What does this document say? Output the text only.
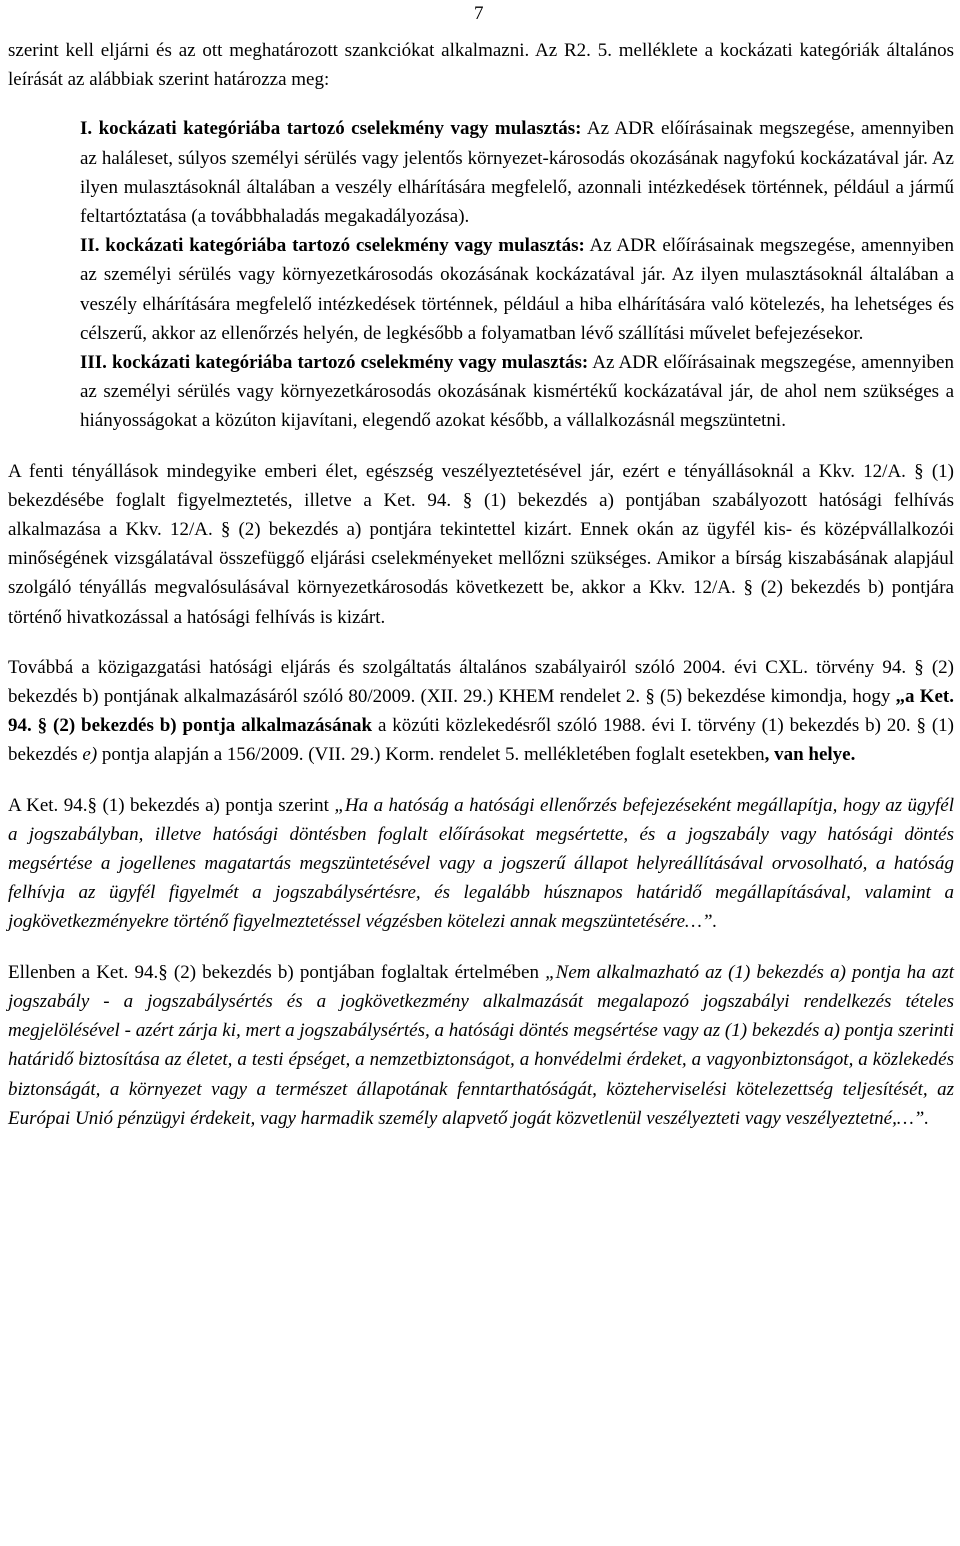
7

szerint kell eljárni és az ott meghatározott szankciókat alkalmazni. Az R2. 5. melléklete a kockázati kategóriák általános leírását az alábbiak szerint határozza meg:

I. kockázati kategóriába tartozó cselekmény vagy mulasztás: Az ADR előírásainak megszegése, amennyiben az haláleset, súlyos személyi sérülés vagy jelentős környezet-károsodás okozásának nagyfokú kockázatával jár. Az ilyen mulasztásoknál általában a veszély elhárítására megfelelő, azonnali intézkedések történnek, például a jármű feltartóztatása (a továbbhaladás megakadályozása).

II. kockázati kategóriába tartozó cselekmény vagy mulasztás: Az ADR előírásainak megszegése, amennyiben az személyi sérülés vagy környezetkárosodás okozásának kockázatával jár. Az ilyen mulasztásoknál általában a veszély elhárítására megfelelő intézkedések történnek, például a hiba elhárítására való kötelezés, ha lehetséges és célszerű, akkor az ellenőrzés helyén, de legkésőbb a folyamatban lévő szállítási művelet befejezésekor.

III. kockázati kategóriába tartozó cselekmény vagy mulasztás: Az ADR előírásainak megszegése, amennyiben az személyi sérülés vagy környezetkárosodás okozásának kismértékű kockázatával jár, de ahol nem szükséges a hiányosságokat a közúton kijavítani, elegendő azokat később, a vállalkozásnál megszüntetni.

A fenti tényállások mindegyike emberi élet, egészség veszélyeztetésével jár, ezért e tényállásoknál a Kkv. 12/A. § (1) bekezdésébe foglalt figyelmeztetés, illetve a Ket. 94. § (1) bekezdés a) pontjában szabályozott hatósági felhívás alkalmazása a Kkv. 12/A. § (2) bekezdés a) pontjára tekintettel kizárt. Ennek okán az ügyfél kis- és középvállalkozói minőségének vizsgálatával összefüggő eljárási cselekményeket mellőzni szükséges. Amikor a bírság kiszabásának alapjául szolgáló tényállás megvalósulásával környezetkárosodás következett be, akkor a Kkv. 12/A. § (2) bekezdés b) pontjára történő hivatkozással a hatósági felhívás is kizárt.

Továbbá a közigazgatási hatósági eljárás és szolgáltatás általános szabályairól szóló 2004. évi CXL. törvény 94. § (2) bekezdés b) pontjának alkalmazásáról szóló 80/2009. (XII. 29.) KHEM rendelet 2. § (5) bekezdése kimondja, hogy „a Ket. 94. § (2) bekezdés b) pontja alkalmazásának a közúti közlekedésről szóló 1988. évi I. törvény (1) bekezdés b) 20. § (1) bekezdés e) pontja alapján a 156/2009. (VII. 29.) Korm. rendelet 5. mellékletében foglalt esetekben, van helye.

A Ket. 94.§ (1) bekezdés a) pontja szerint „Ha a hatóság a hatósági ellenőrzés befejezéseként megállapítja, hogy az ügyfél a jogszabályban, illetve hatósági döntésben foglalt előírásokat megsértette, és a jogszabály vagy hatósági döntés megsértése a jogellenes magatartás megszüntetésével vagy a jogszerű állapot helyreállításával orvosolható, a hatóság felhívja az ügyfél figyelmét a jogszabálysértésre, és legalább húsznapos határidő megállapításával, valamint a jogkövetkezményekre történő figyelmeztetéssel végzésben kötelezi annak megszüntetésére…”.

Ellenben a Ket. 94.§ (2) bekezdés b) pontjában foglaltak értelmében „Nem alkalmazható az (1) bekezdés a) pontja ha azt jogszabály - a jogszabálysértés és a jogkövetkezmény alkalmazását megalapozó jogszabályi rendelkezés tételes megjelölésével - azért zárja ki, mert a jogszabálysértés, a hatósági döntés megsértése vagy az (1) bekezdés a) pontja szerinti határidő biztosítása az életet, a testi épséget, a nemzetbiztonságot, a honvédelmi érdeket, a vagyonbiztonságot, a közlekedés biztonságát, a környezet vagy a természet állapotának fenntarthatóságát, közteherviselési kötelezettség teljesítését, az Európai Unió pénzügyi érdekeit, vagy harmadik személy alapvető jogát közvetlenül veszélyezteti vagy veszélyeztetné,…”.
